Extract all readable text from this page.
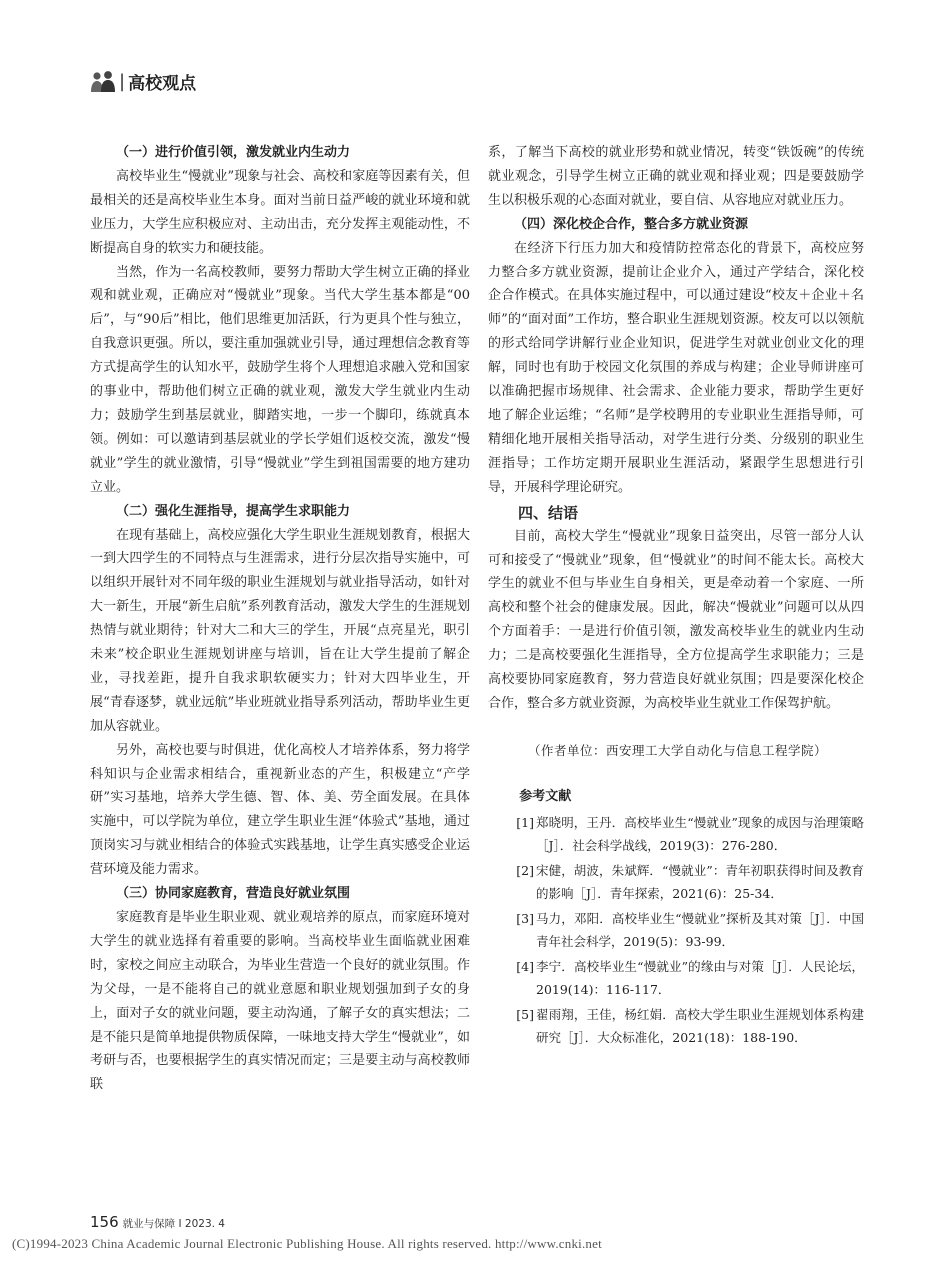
| 高校观点
（一）进行价值引领，激发就业内生动力

高校毕业生“慢就业”现象与社会、高校和家庭等因素有关，但最相关的还是高校毕业生本身。面对当前日益严峻的就业环境和就业压力，大学生应积极应对、主动出击，充分发挥主观能动性，不断提高自身的软实力和硬技能。

当然，作为一名高校教师，要努力帮助大学生树立正确的择业观和就业观，正确应对“慢就业”现象。当代大学生基本都是“00后”，与“90后”相比，他们思维更加活跃，行为更具个性与独立，自我意识更强。所以，要注重加强就业引导，通过理想信念教育等方式提高学生的认知水平，鼓励学生将个人理想追求融入党和国家的事业中，帮助他们树立正确的就业观，激发大学生就业内生动力；鼓励学生到基层就业，脚踏实地，一步一个脚印，练就真本领。例如：可以邀请到基层就业的学长学姐们返校交流，激发“慢就业”学生的就业激情，引导“慢就业”学生到祖国需要的地方建功立业。

（二）强化生涯指导，提高学生求职能力

在现有基础上，高校应强化大学生职业生涯规划教育，根据大一到大四学生的不同特点与生涯需求，进行分层次指导实施中，可以组织开展针对不同年级的职业生涯规划与就业指导活动，如针对大一新生，开展“新生启航”系列教育活动，激发大学生的生涯规划热情与就业期待；针对大二和大三的学生，开展“点亮星光，职引未来”校企职业生涯规划讲座与培训，旨在让大学生提前了解企业，寻找差距，提升自我求职软硬实力；针对大四毕业生，开展“青春逐梦，就业远航”毕业班就业指导系列活动，帮助毕业生更加从容就业。

另外，高校也要与时俱进，优化高校人才培养体系，努力将学科知识与企业需求相结合，重视新业态的产生，积极建立“产学研”实习基地，培养大学生德、智、体、美、劳全面发展。在具体实施中，可以学院为单位，建立学生职业生涯“体验式”基地，通过顶岗实习与就业相结合的体验式实践基地，让学生真实感受企业运营环境及能力需求。

（三）协同家庭教育，营造良好就业氛围

家庭教育是毕业生职业观、就业观培养的原点，而家庭环境对大学生的就业选择有着重要的影响。当高校毕业生面临就业困难时，家校之间应主动联合，为毕业生营造一个良好的就业氛围。作为父母，一是不能将自己的就业意愿和职业规划强加到子女的身上，面对子女的就业问题，要主动沟通，了解子女的真实想法；二是不能只是简单地提供物质保障，一味地支持大学生“慢就业”，如考研与否，也要根据学生的真实情况而定；三是要主动与高校教师联

系，了解当下高校的就业形势和就业情况，转变“铁饭碗”的传统就业观念，引导学生树立正确的就业观和择业观；四是要鼓励学生以积极乐观的心态面对就业，要自信、从容地应对就业压力。

（四）深化校企合作，整合多方就业资源

在经济下行压力加大和疫情防控常态化的背景下，高校应努力整合多方就业资源，提前让企业介入，通过产学结合，深化校企合作模式。在具体实施过程中，可以通过建设“校友＋企业＋名师”的“面对面”工作坊，整合职业生涯规划资源。校友可以以领航的形式给同学讲解行业企业知识，促进学生对就业创业文化的理解，同时也有助于校园文化氛围的养成与构建；企业导师讲座可以准确把握市场规律、社会需求、企业能力要求，帮助学生更好地了解企业运维；“名师”是学校聘用的专业职业生涯指导师，可精细化地开展相关指导活动，对学生进行分类、分级别的职业生涯指导；工作坊定期开展职业生涯活动，紧跟学生思想进行引导，开展科学理论研究。

四、结语

目前，高校大学生“慢就业”现象日益突出，尽管一部分人认可和接受了“慢就业”现象，但“慢就业”的时间不能太长。高校大学生的就业不但与毕业生自身相关，更是牵动着一个家庭、一所高校和整个社会的健康发展。因此，解决“慢就业”问题可以从四个方面着手：一是进行价值引领，激发高校毕业生的就业内生动力；二是高校要强化生涯指导，全方位提高学生求职能力；三是高校要协同家庭教育，努力营造良好就业氛围；四是要深化校企合作，整合多方就业资源，为高校毕业生就业工作保驾护航。

（作者单位：西安理工大学自动化与信息工程学院）
参考文献
[1] 郑晓明，王丹．高校毕业生“慢就业”现象的成因与治理策略［J］．社会科学战线，2019(3)：276-280．
[2] 宋健，胡波，朱斌辉．“慢就业”：青年初职获得时间及教育的影响［J］．青年探索，2021(6)：25-34．
[3] 马力，邓阳．高校毕业生“慢就业”探析及其对策［J］．中国青年社会科学，2019(5)：93-99．
[4] 李宁．高校毕业生“慢就业”的缘由与对策［J］．人民论坛，2019(14)：116-117．
[5] 翟雨翔，王佳，杨红娟．高校大学生职业生涯规划体系构建研究［J］．大众标准化，2021(18)：188-190．
156 就业与保障 I 2023. 4
(C)1994-2023 China Academic Journal Electronic Publishing House. All rights reserved. http://www.cnki.net
